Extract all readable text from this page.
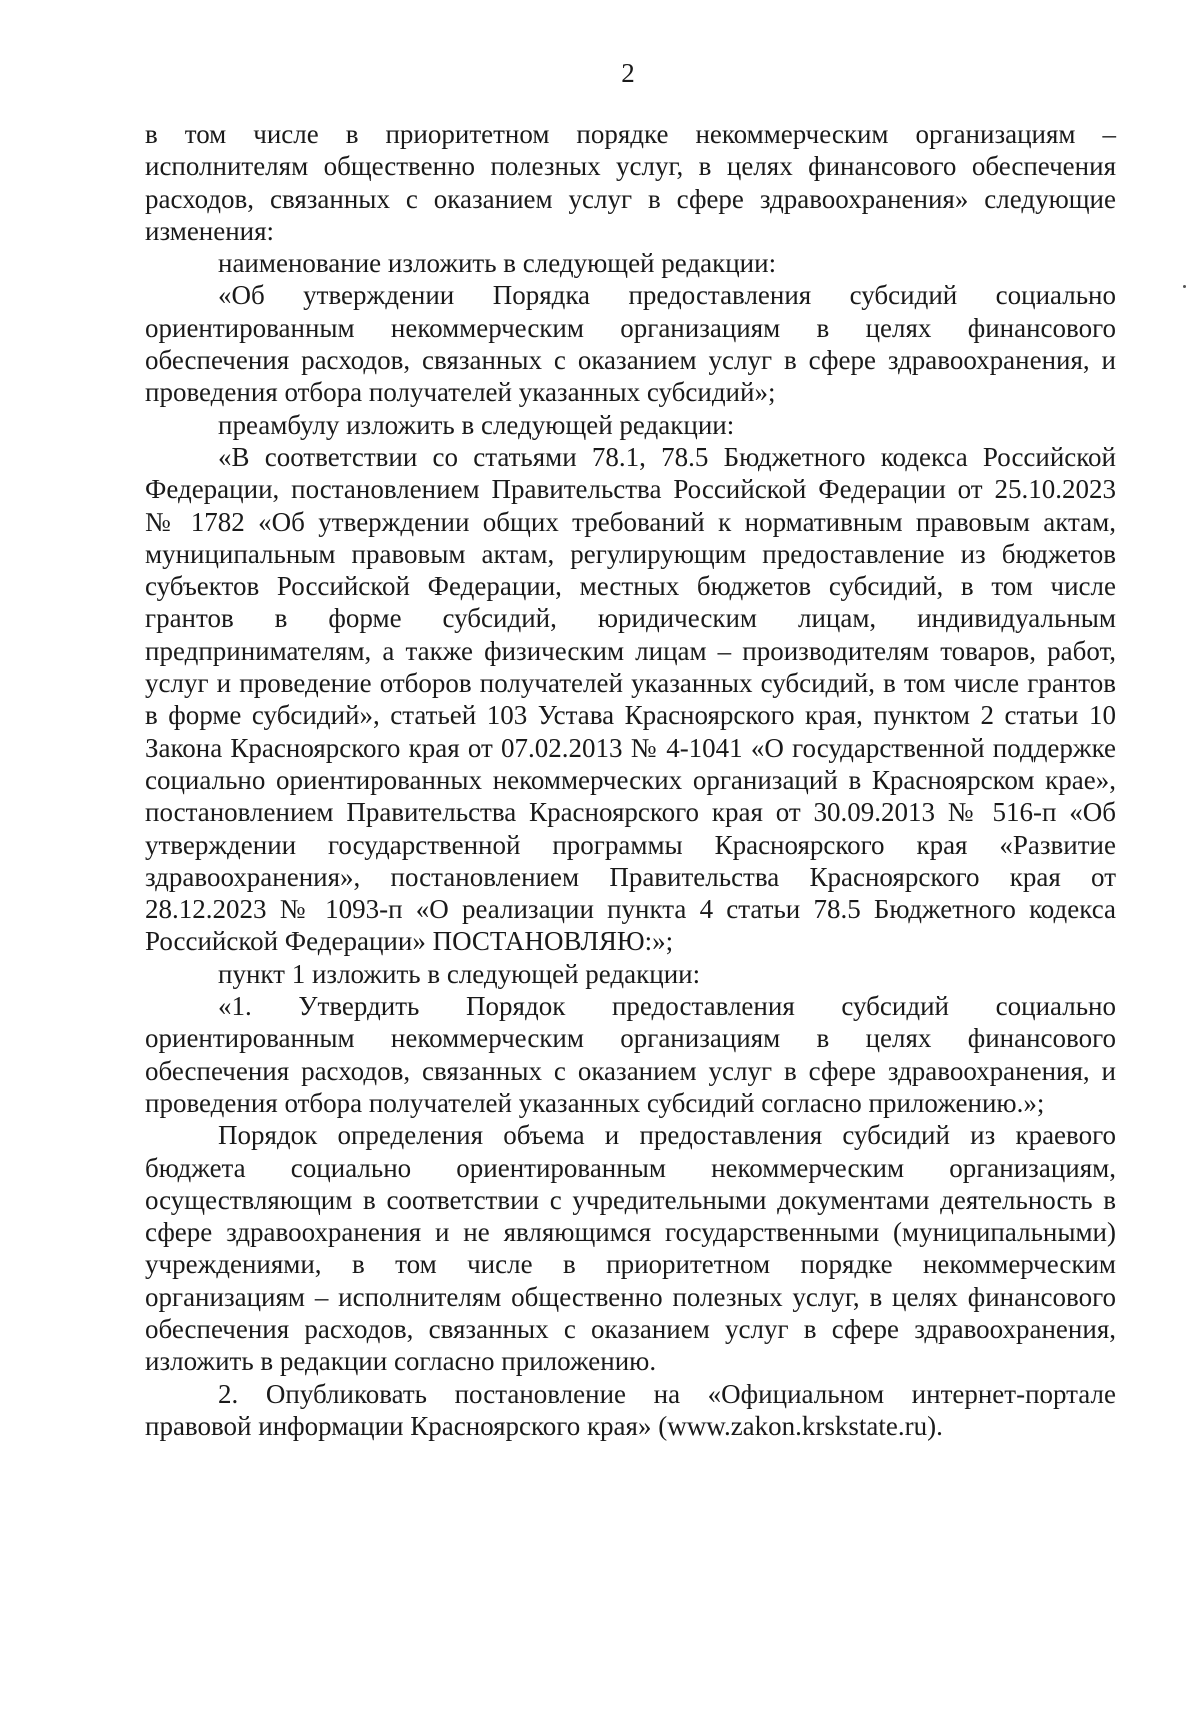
2

в том числе в приоритетном порядке некоммерческим организациям – исполнителям общественно полезных услуг, в целях финансового обеспечения расходов, связанных с оказанием услуг в сфере здравоохранения» следующие изменения:

наименование изложить в следующей редакции:

«Об утверждении Порядка предоставления субсидий социально ориентированным некоммерческим организациям в целях финансового обеспечения расходов, связанных с оказанием услуг в сфере здравоохранения, и проведения отбора получателей указанных субсидий»;

преамбулу изложить в следующей редакции:

«В соответствии со статьями 78.1, 78.5 Бюджетного кодекса Российской Федерации, постановлением Правительства Российской Федерации от 25.10.2023 № 1782 «Об утверждении общих требований к нормативным правовым актам, муниципальным правовым актам, регулирующим предоставление из бюджетов субъектов Российской Федерации, местных бюджетов субсидий, в том числе грантов в форме субсидий, юридическим лицам, индивидуальным предпринимателям, а также физическим лицам – производителям товаров, работ, услуг и проведение отборов получателей указанных субсидий, в том числе грантов в форме субсидий», статьей 103 Устава Красноярского края, пунктом 2 статьи 10 Закона Красноярского края от 07.02.2013 № 4-1041 «О государственной поддержке социально ориентированных некоммерческих организаций в Красноярском крае», постановлением Правительства Красноярского края от 30.09.2013 № 516-п «Об утверждении государственной программы Красноярского края «Развитие здравоохранения», постановлением Правительства Красноярского края от 28.12.2023 № 1093-п «О реализации пункта 4 статьи 78.5 Бюджетного кодекса Российской Федерации» ПОСТАНОВЛЯЮ:»;

пункт 1 изложить в следующей редакции:

«1. Утвердить Порядок предоставления субсидий социально ориентированным некоммерческим организациям в целях финансового обеспечения расходов, связанных с оказанием услуг в сфере здравоохранения, и проведения отбора получателей указанных субсидий согласно приложению.»;

Порядок определения объема и предоставления субсидий из краевого бюджета социально ориентированным некоммерческим организациям, осуществляющим в соответствии с учредительными документами деятельность в сфере здравоохранения и не являющимся государственными (муниципальными) учреждениями, в том числе в приоритетном порядке некоммерческим организациям – исполнителям общественно полезных услуг, в целях финансового обеспечения расходов, связанных с оказанием услуг в сфере здравоохранения, изложить в редакции согласно приложению.

2. Опубликовать постановление на «Официальном интернет-портале правовой информации Красноярского края» (www.zakon.krskstate.ru).
